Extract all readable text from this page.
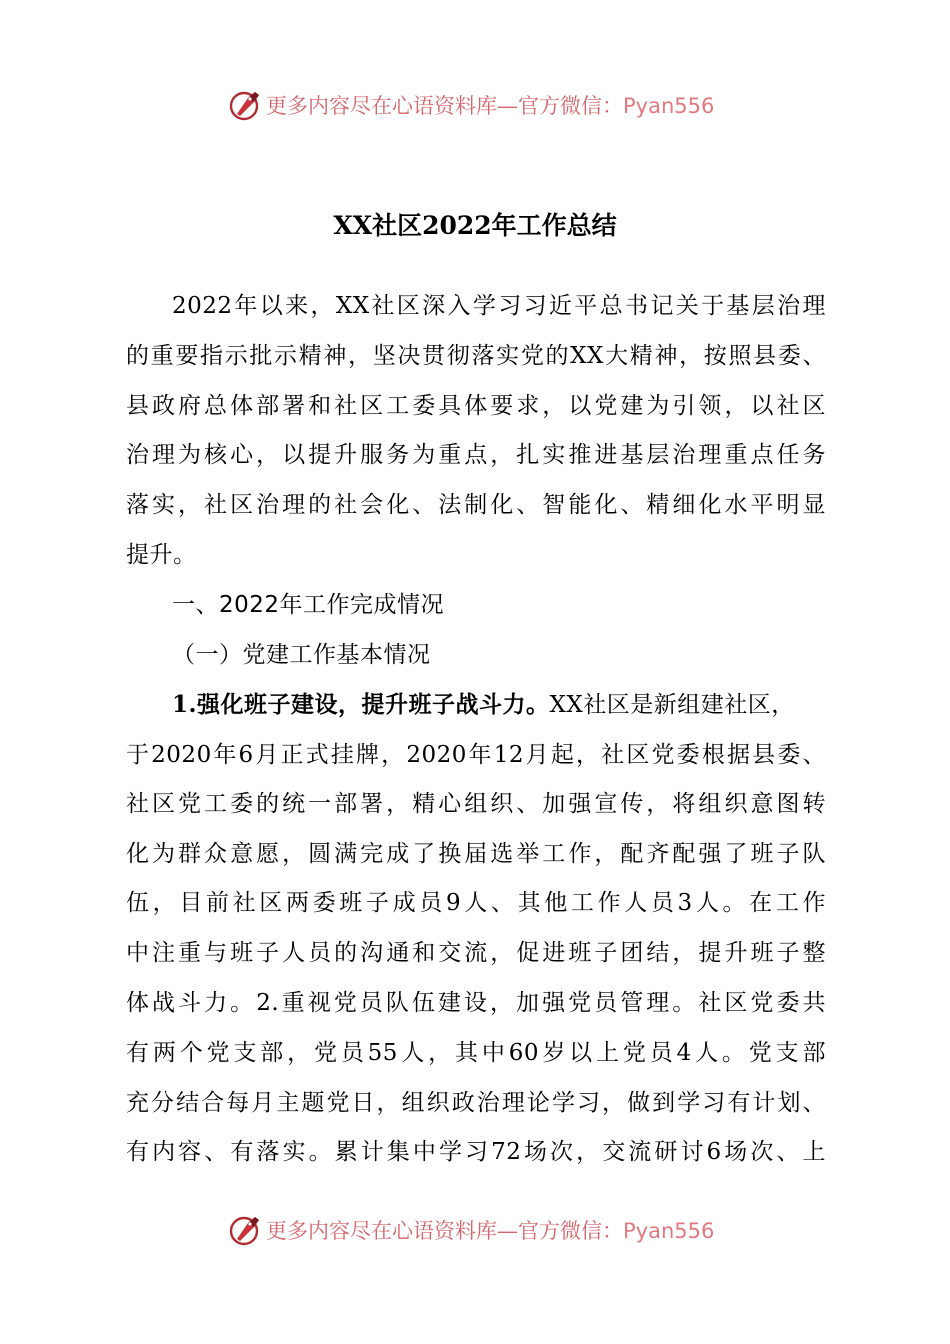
更多内容尽在心语资料库—官方微信：Pyan556
XX社区2022年工作总结
2022年以来，XX社区深入学习习近平总书记关于基层治理
的重要指示批示精神，坚决贯彻落实党的XX大精神，按照县委、
县政府总体部署和社区工委具体要求，以党建为引领，以社区
治理为核心，以提升服务为重点，扎实推进基层治理重点任务
落实，社区治理的社会化、法制化、智能化、精细化水平明显
提升。
一、2022年工作完成情况
（一）党建工作基本情况
1.强化班子建设，提升班子战斗力。XX社区是新组建社区，
于2020年6月正式挂牌，2020年12月起，社区党委根据县委、
社区党工委的统一部署，精心组织、加强宣传，将组织意图转
化为群众意愿，圆满完成了换届选举工作，配齐配强了班子队
伍，目前社区两委班子成员9人、其他工作人员3人。在工作
中注重与班子人员的沟通和交流，促进班子团结，提升班子整
体战斗力。2.重视党员队伍建设，加强党员管理。社区党委共
有两个党支部，党员55人，其中60岁以上党员4人。党支部
充分结合每月主题党日，组织政治理论学习，做到学习有计划、
有内容、有落实。累计集中学习72场次，交流研讨6场次、上
更多内容尽在心语资料库—官方微信：Pyan556
